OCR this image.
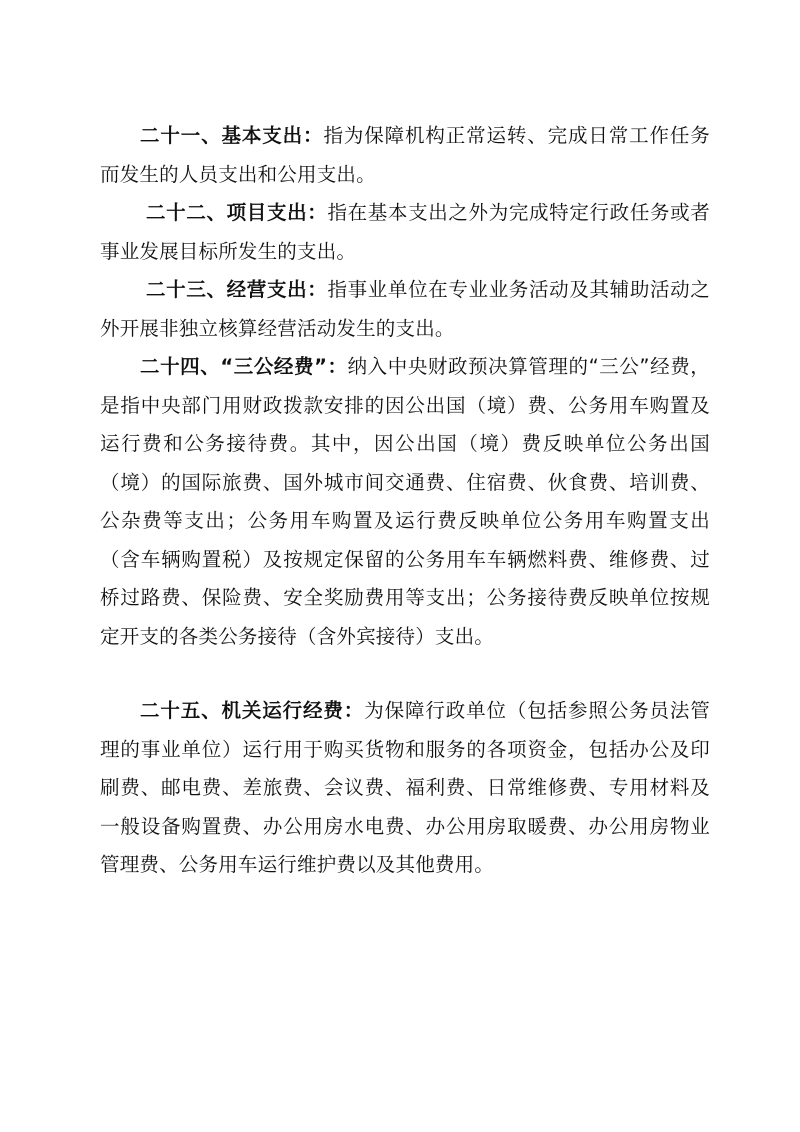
二十一、基本支出：指为保障机构正常运转、完成日常工作任务而发生的人员支出和公用支出。

二十二、项目支出：指在基本支出之外为完成特定行政任务或者事业发展目标所发生的支出。

二十三、经营支出：指事业单位在专业业务活动及其辅助活动之外开展非独立核算经营活动发生的支出。

二十四、“三公经费”：纳入中央财政预决算管理的“三公”经费，是指中央部门用财政拨款安排的因公出国（境）费、公务用车购置及运行费和公务接待费。其中，因公出国（境）费反映单位公务出国（境）的国际旅费、国外城市间交通费、住宿费、伙食费、培训费、公杂费等支出；公务用车购置及运行费反映单位公务用车购置支出（含车辆购置税）及按规定保留的公务用车车辆燃料费、维修费、过桥过路费、保险费、安全奖励费用等支出；公务接待费反映单位按规定开支的各类公务接待（含外宾接待）支出。

二十五、机关运行经费：为保障行政单位（包括参照公务员法管理的事业单位）运行用于购买货物和服务的各项资金，包括办公及印刷费、邮电费、差旅费、会议费、福利费、日常维修费、专用材料及一般设备购置费、办公用房水电费、办公用房取暖费、办公用房物业管理费、公务用车运行维护费以及其他费用。
